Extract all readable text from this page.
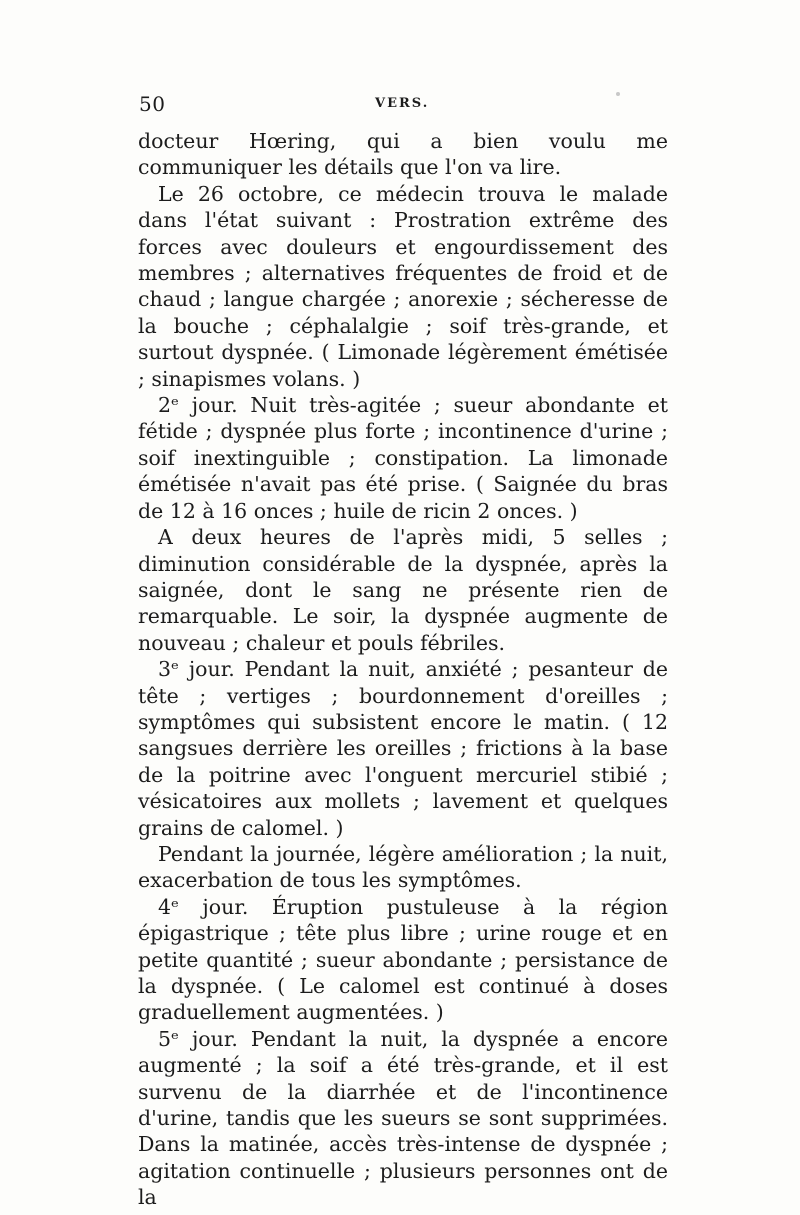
50	VERS.

docteur Hœring, qui a bien voulu me communiquer les détails que l'on va lire.

Le 26 octobre, ce médecin trouva le malade dans l'état suivant : Prostration extrême des forces avec douleurs et engourdissement des membres ; alternatives fréquentes de froid et de chaud ; langue chargée ; anorexie ; sécheresse de la bouche ; céphalalgie ; soif très-grande, et surtout dyspnée. ( Limonade légèrement émétisée ; sinapismes volans. )

2ᵉ jour. Nuit très-agitée ; sueur abondante et fétide ; dyspnée plus forte ; incontinence d'urine ; soif inextinguible ; constipation. La limonade émétisée n'avait pas été prise. ( Saignée du bras de 12 à 16 onces ; huile de ricin 2 onces. )

A deux heures de l'après midi, 5 selles ; diminution considérable de la dyspnée, après la saignée, dont le sang ne présente rien de remarquable. Le soir, la dyspnée augmente de nouveau ; chaleur et pouls fébriles.

3ᵉ jour. Pendant la nuit, anxiété ; pesanteur de tête ; vertiges ; bourdonnement d'oreilles ; symptômes qui subsistent encore le matin. ( 12 sangsues derrière les oreilles ; frictions à la base de la poitrine avec l'onguent mercuriel stibié ; vésicatoires aux mollets ; lavement et quelques grains de calomel. )

Pendant la journée, légère amélioration ; la nuit, exacerbation de tous les symptômes.

4ᵉ jour. Éruption pustuleuse à la région épigastrique ; tête plus libre ; urine rouge et en petite quantité ; sueur abondante ; persistance de la dyspnée. ( Le calomel est continué à doses graduellement augmentées. )

5ᵉ jour. Pendant la nuit, la dyspnée a encore augmenté ; la soif a été très-grande, et il est survenu de la diarrhée et de l'incontinence d'urine, tandis que les sueurs se sont supprimées. Dans la matinée, accès très-intense de dyspnée ; agitation continuelle ; plusieurs personnes ont de la
